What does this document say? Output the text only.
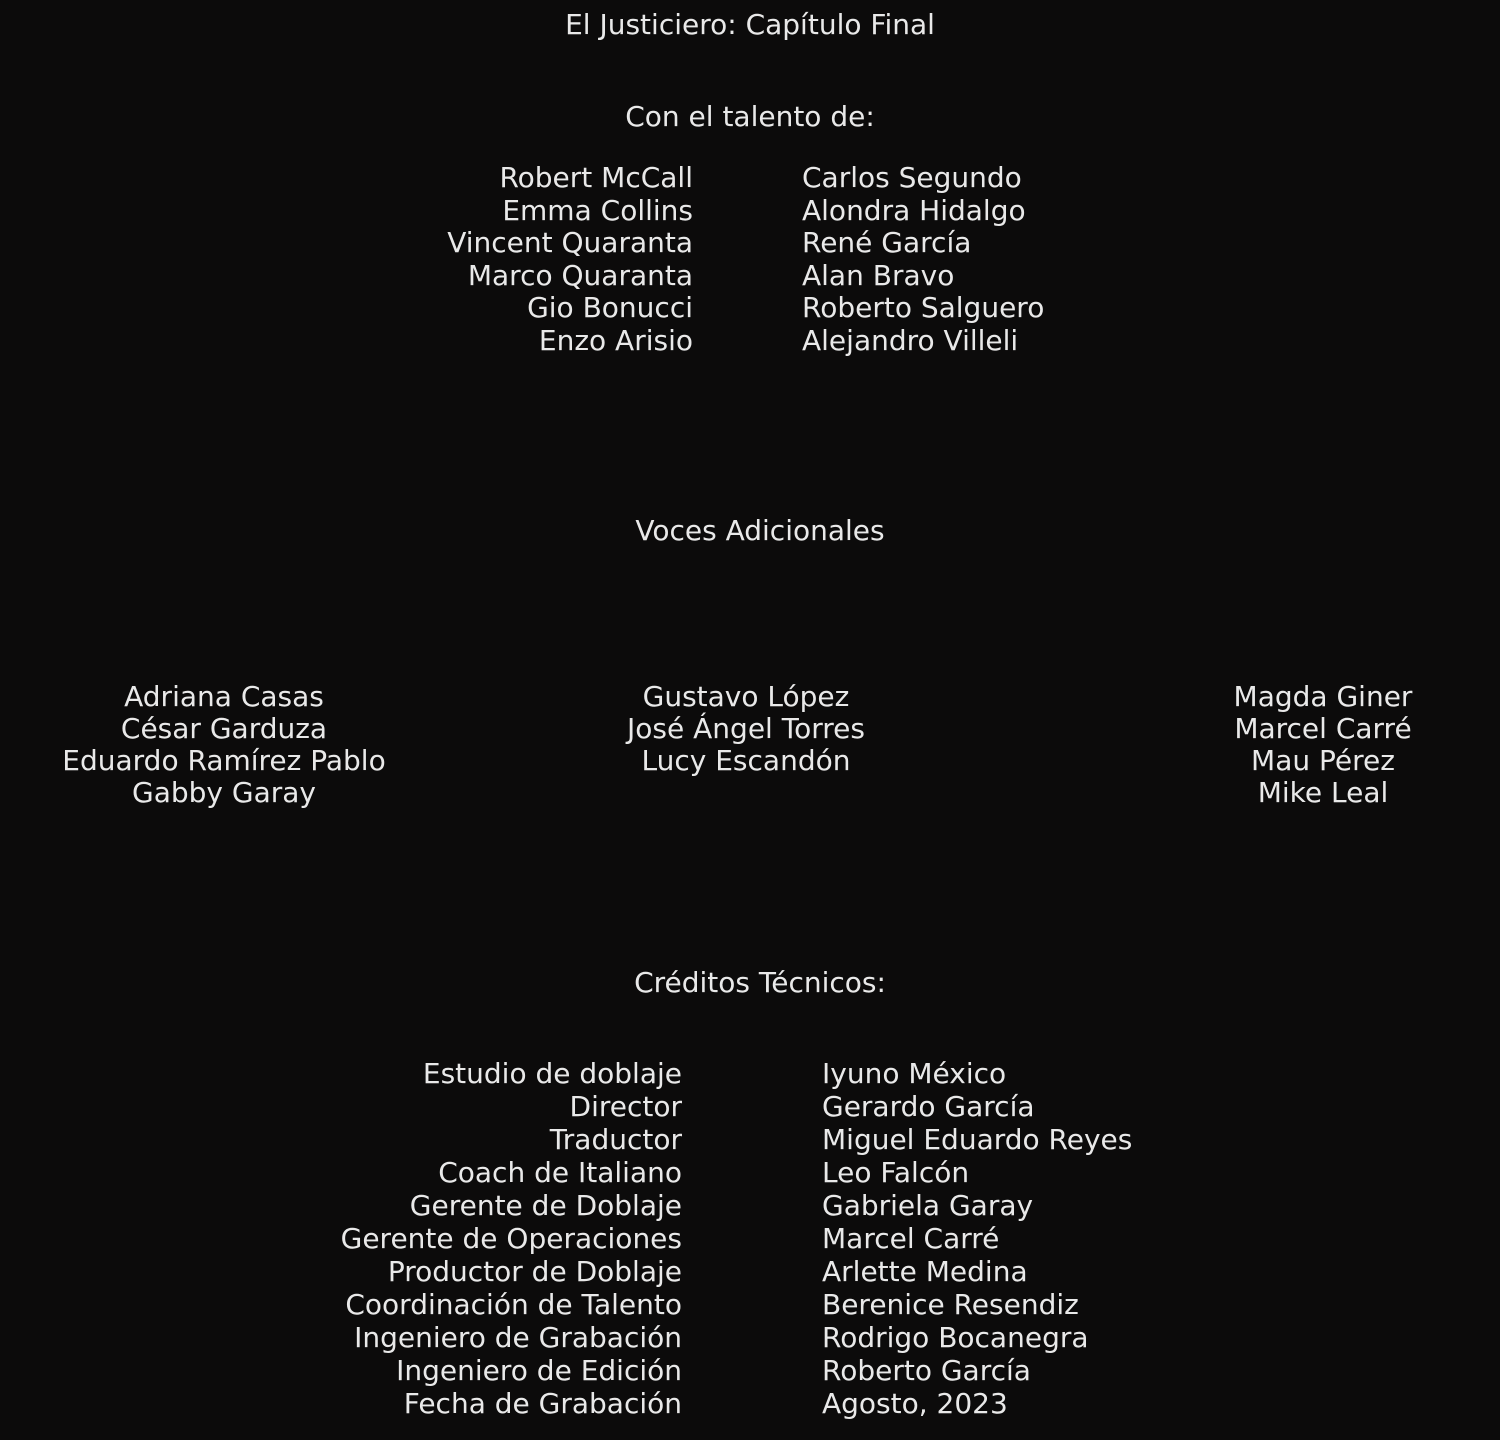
El Justiciero: Capítulo Final
Con el talento de:
Robert McCall
Emma Collins
Vincent Quaranta
Marco Quaranta
Gio Bonucci
Enzo Arisio
Carlos Segundo
Alondra Hidalgo
René García
Alan Bravo
Roberto Salguero
Alejandro Villeli
Voces Adicionales
Adriana Casas
César Garduza
Eduardo Ramírez Pablo
Gabby Garay
Gustavo López
José Ángel Torres
Lucy Escandón
Magda Giner
Marcel Carré
Mau Pérez
Mike Leal
Créditos Técnicos:
Estudio de doblaje
Director
Traductor
Coach de Italiano
Gerente de Doblaje
Gerente de Operaciones
Productor de Doblaje
Coordinación de Talento
Ingeniero de Grabación
Ingeniero de Edición
Fecha de Grabación
Iyuno México
Gerardo García
Miguel Eduardo Reyes
Leo Falcón
Gabriela Garay
Marcel Carré
Arlette Medina
Berenice Resendiz
Rodrigo Bocanegra
Roberto García
Agosto, 2023
